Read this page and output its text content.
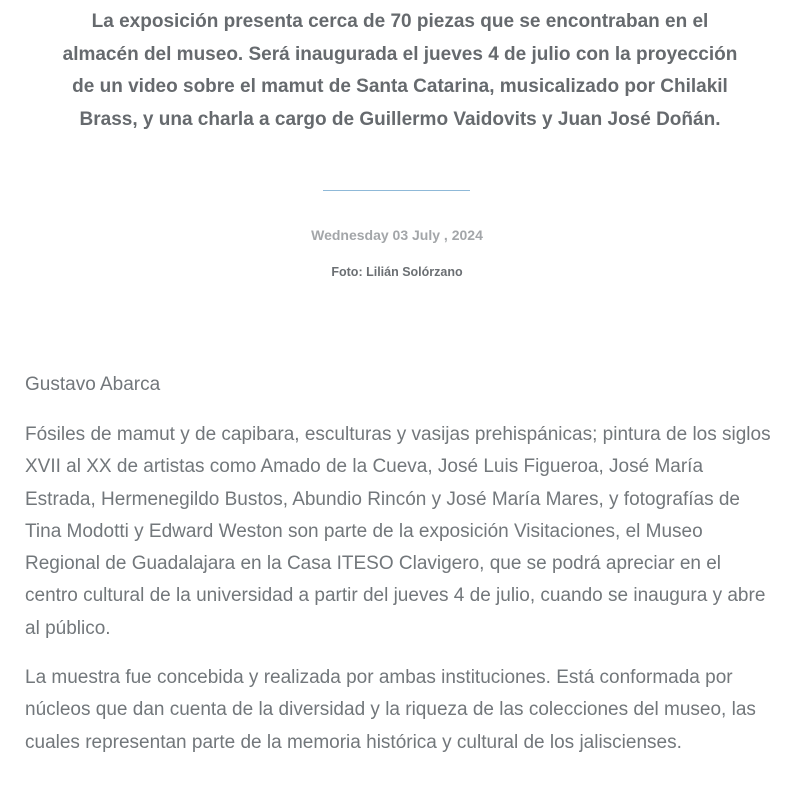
La exposición presenta cerca de 70 piezas que se encontraban en el almacén del museo. Será inaugurada el jueves 4 de julio con la proyección de un video sobre el mamut de Santa Catarina, musicalizado por Chilakil Brass, y una charla a cargo de Guillermo Vaidovits y Juan José Doñán.

Wednesday 03 July , 2024
Foto: Lilián Solórzano
Gustavo Abarca

Fósiles de mamut y de capibara, esculturas y vasijas prehispánicas; pintura de los siglos XVII al XX de artistas como Amado de la Cueva, José Luis Figueroa, José María Estrada, Hermenegildo Bustos, Abundio Rincón y José María Mares, y fotografías de Tina Modotti y Edward Weston son parte de la exposición Visitaciones, el Museo Regional de Guadalajara en la Casa ITESO Clavigero, que se podrá apreciar en el centro cultural de la universidad a partir del jueves 4 de julio, cuando se inaugura y abre al público.

La muestra fue concebida y realizada por ambas instituciones. Está conformada por núcleos que dan cuenta de la diversidad y la riqueza de las colecciones del museo, las cuales representan parte de la memoria histórica y cultural de los jaliscienses.
